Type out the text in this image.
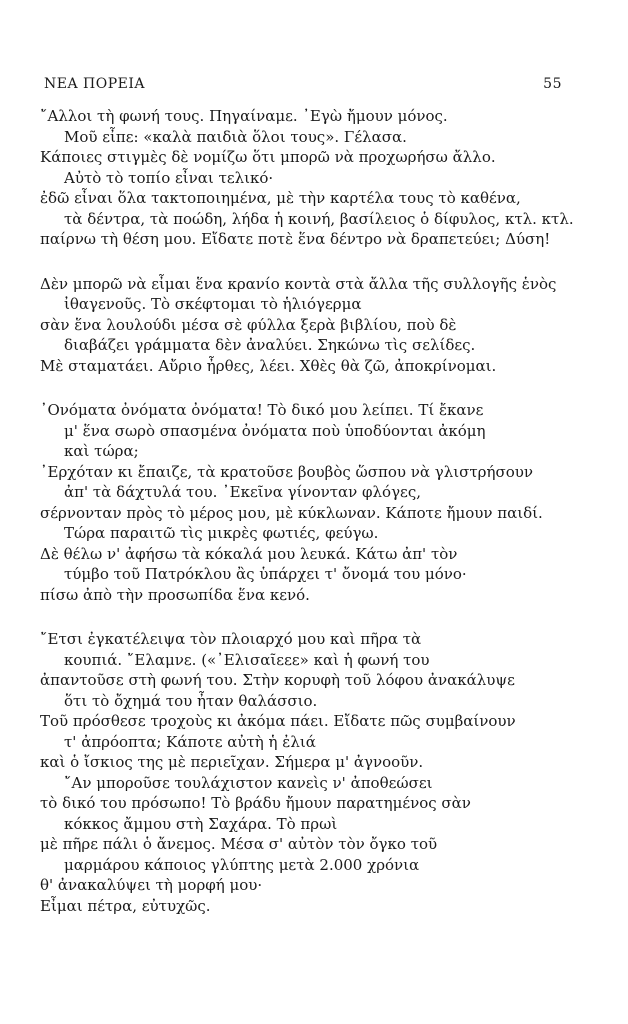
ΝΕΑ ΠΟΡΕΙΑ	55
῎Αλλοι τὴ φωνή τους. Πηγαίναμε. ᾿Εγὼ ἤμουν μόνος.
Μοῦ εἶπε: «καλὰ παιδιὰ ὅλοι τους». Γέλασα.
Κάποιες στιγμὲς δὲ νομίζω ὅτι μπορῶ νὰ προχωρήσω ἄλλο.
Αὐτὸ τὸ τοπίο εἶναι τελικό·
ἐδῶ εἶναι ὅλα τακτοποιημένα, μὲ τὴν καρτέλα τους τὸ καθένα,
τὰ δέντρα, τὰ ποώδη, λήδα ἡ κοινή, βασίλειος ὁ δίφυλος, κτλ. κτλ.
παίρνω τὴ θέση μου. Εἴδατε ποτὲ ἕνα δέντρο νὰ δραπετεύει; Δύση!
Δὲν μπορῶ νὰ εἶμαι ἕνα κρανίο κοντὰ στὰ ἄλλα τῆς συλλογῆς ἑνὸς
ἰθαγενοῦς. Τὸ σκέφτομαι τὸ ἡλιόγερμα
σὰν ἕνα λουλούδι μέσα σὲ φύλλα ξερὰ βιβλίου, ποὺ δὲ
διαβάζει γράμματα δὲν ἀναλύει. Σηκώνω τὶς σελίδες.
Μὲ σταματάει. Αὔριο ἦρθες, λέει. Χθὲς θὰ ζῶ, ἀποκρίνομαι.
᾿Ονόματα ὀνόματα ὀνόματα! Τὸ δικό μου λείπει. Τί ἔκανε
μ' ἕνα σωρὸ σπασμένα ὀνόματα ποὺ ὑποδύονται ἀκόμη
καὶ τώρα;
᾿Ερχόταν κι ἔπαιζε, τὰ κρατοῦσε βουβὸς ὥσπου νὰ γλιστρήσουν
ἀπ' τὰ δάχτυλά του. ᾿Εκεῖνα γίνονταν φλόγες,
σέρνονταν πρὸς τὸ μέρος μου, μὲ κύκλωναν. Κάποτε ἤμουν παιδί.
Τώρα παραιτῶ τὶς μικρὲς φωτιές, φεύγω.
Δὲ θέλω ν' ἀφήσω τὰ κόκαλά μου λευκά. Κάτω ἀπ' τὸν
τύμβο τοῦ Πατρόκλου ἂς ὑπάρχει τ' ὄνομά του μόνο·
πίσω ἀπὸ τὴν προσωπίδα ἕνα κενό.
῎Ετσι ἐγκατέλειψα τὸν πλοιαρχό μου καὶ πῆρα τὰ
κουπιά. ῎Ελαμνε. («᾿Ελισαῖεεε» καὶ ἡ φωνή του
ἀπαντοῦσε στὴ φωνή του. Στὴν κορυφὴ τοῦ λόφου ἀνακάλυψε
ὅτι τὸ ὄχημά του ἦταν θαλάσσιο.
Τοῦ πρόσθεσε τροχοὺς κι ἀκόμα πάει. Εἴδατε πῶς συμβαίνουν
τ' ἀπρόοπτα; Κάποτε αὐτὴ ἡ ἐλιά
καὶ ὁ ἴσκιος της μὲ περιεῖχαν. Σήμερα μ' ἀγνοοῦν.
῎Αν μποροῦσε τουλάχιστον κανεὶς ν' ἀποθεώσει
τὸ δικό του πρόσωπο! Τὸ βράδυ ἤμουν παρατημένος σὰν
κόκκος ἄμμου στὴ Σαχάρα. Τὸ πρωὶ
μὲ πῆρε πάλι ὁ ἄνεμος. Μέσα σ' αὐτὸν τὸν ὄγκο τοῦ
μαρμάρου κάποιος γλύπτης μετὰ 2.000 χρόνια
θ' ἀνακαλύψει τὴ μορφή μου·
Εἶμαι πέτρα, εὐτυχῶς.
